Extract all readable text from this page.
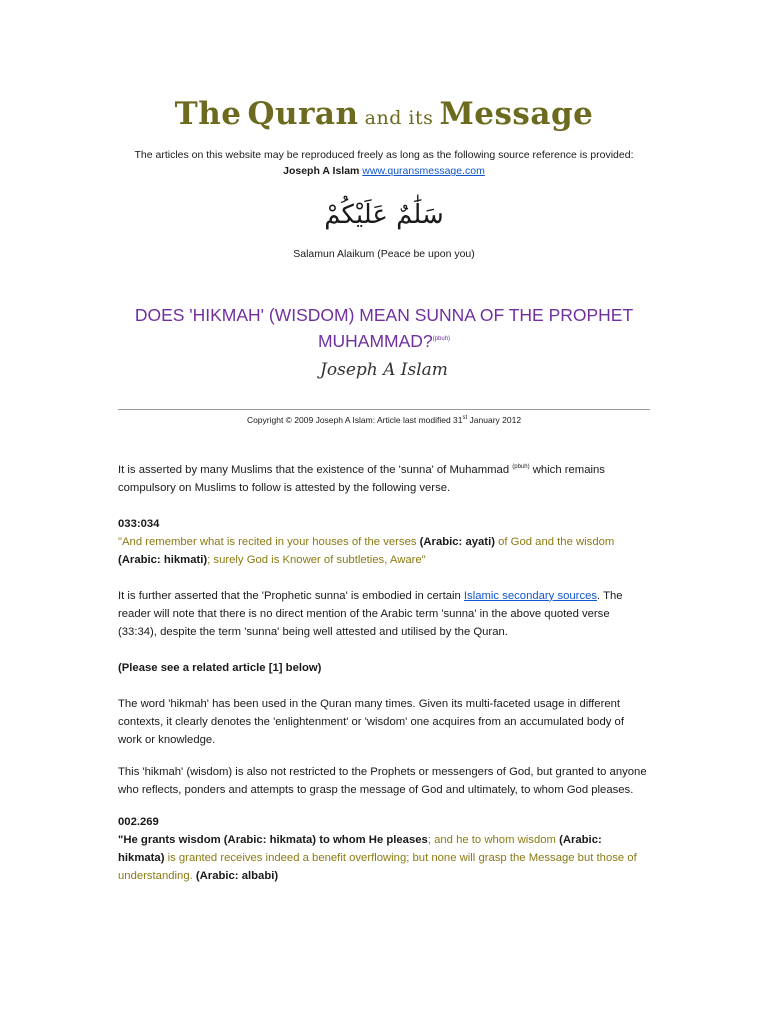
The Quran and its Message
The articles on this website may be reproduced freely as long as the following source reference is provided:
Joseph A Islam www.quransmessage.com
سَلَٰمٌ عَلَيْكُمْ
Salamun Alaikum (Peace be upon you)
DOES 'HIKMAH' (WISDOM) MEAN SUNNA OF THE PROPHET MUHAMMAD?$^{(pbuh)}$
Joseph A Islam
Copyright © 2009 Joseph A Islam: Article last modified 31st January 2012

It is asserted by many Muslims that the existence of the 'sunna' of Muhammad $^{(pbuh)}$ which remains compulsory on Muslims to follow is attested by the following verse.

033:034

"And remember what is recited in your houses of the verses (Arabic: ayati) of God and the wisdom (Arabic: hikmati); surely God is Knower of subtleties, Aware"

It is further asserted that the 'Prophetic sunna' is embodied in certain Islamic secondary sources. The reader will note that there is no direct mention of the Arabic term 'sunna' in the above quoted verse (33:34), despite the term 'sunna' being well attested and utilised by the Quran.

(Please see a related article [1] below)

The word 'hikmah' has been used in the Quran many times. Given its multi-faceted usage in different contexts, it clearly denotes the 'enlightenment' or 'wisdom' one acquires from an accumulated body of work or knowledge.

This 'hikmah' (wisdom) is also not restricted to the Prophets or messengers of God, but granted to anyone who reflects, ponders and attempts to grasp the message of God and ultimately, to whom God pleases.

002.269

"He grants wisdom (Arabic: hikmata) to whom He pleases; and he to whom wisdom (Arabic: hikmata) is granted receives indeed a benefit overflowing; but none will grasp the Message but those of understanding. (Arabic: albabi)
